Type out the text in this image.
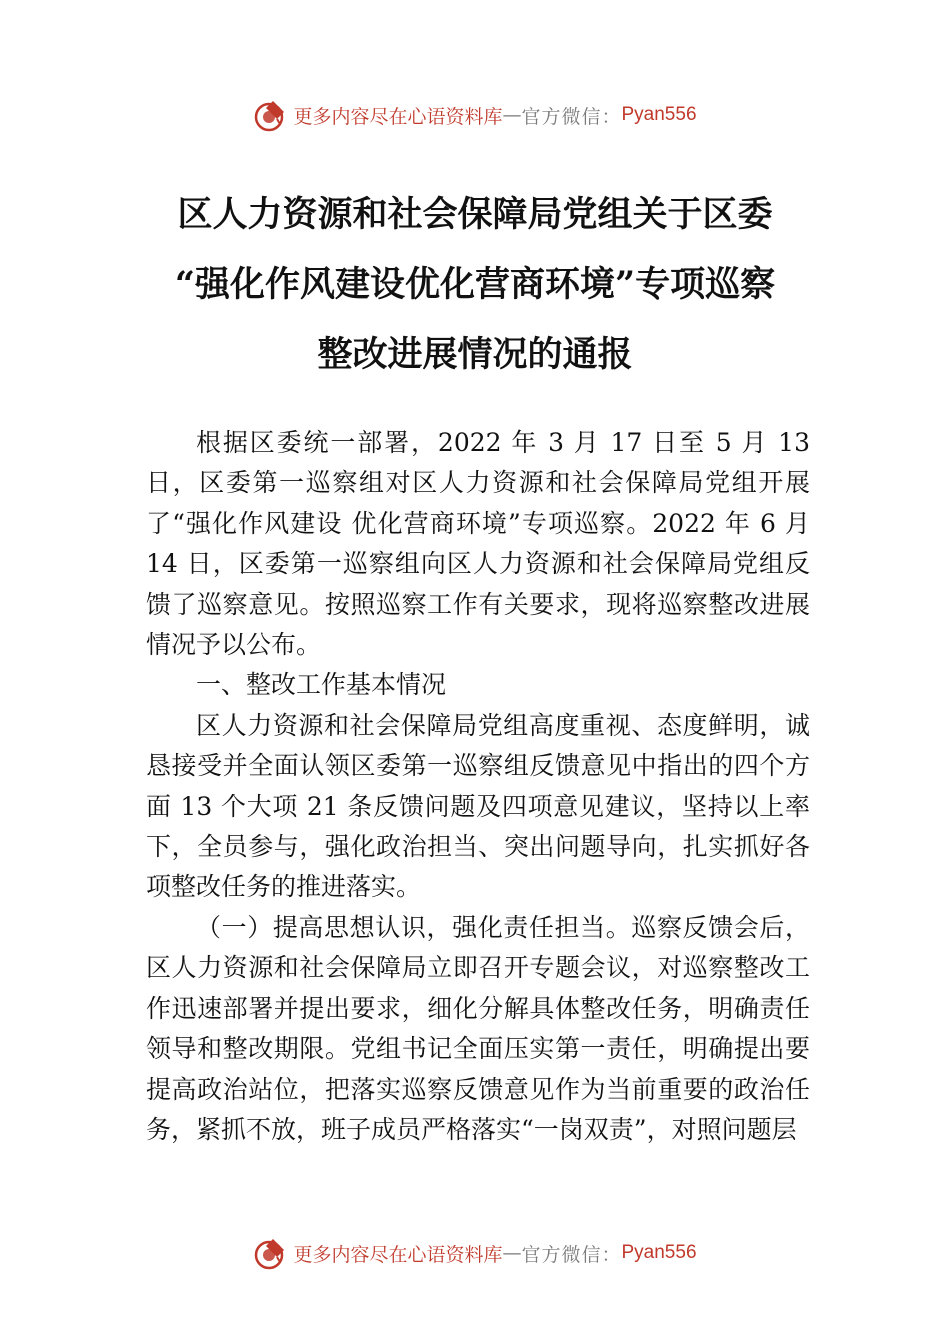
更多内容尽在心语资料库 — 官方微信： Pyan556
区人力资源和社会保障局党组关于区委
“强化作风建设优化营商环境”专项巡察
整改进展情况的通报

根据区委统一部署，2022 年 3 月 17 日至 5 月 13 日，区委第一巡察组对区人力资源和社会保障局党组开展了“强化作风建设 优化营商环境”专项巡察。2022 年 6 月 14 日，区委第一巡察组向区人力资源和社会保障局党组反馈了巡察意见。按照巡察工作有关要求，现将巡察整改进展情况予以公布。

一、整改工作基本情况

区人力资源和社会保障局党组高度重视、态度鲜明，诚恳接受并全面认领区委第一巡察组反馈意见中指出的四个方面 13 个大项 21 条反馈问题及四项意见建议，坚持以上率下，全员参与，强化政治担当、突出问题导向，扎实抓好各项整改任务的推进落实。

（一）提高思想认识，强化责任担当。巡察反馈会后，区人力资源和社会保障局立即召开专题会议，对巡察整改工作迅速部署并提出要求，细化分解具体整改任务，明确责任领导和整改期限。党组书记全面压实第一责任，明确提出要提高政治站位，把落实巡察反馈意见作为当前重要的政治任务，紧抓不放，班子成员严格落实“一岗双责”，对照问题层

更多内容尽在心语资料库 — 官方微信： Pyan556
